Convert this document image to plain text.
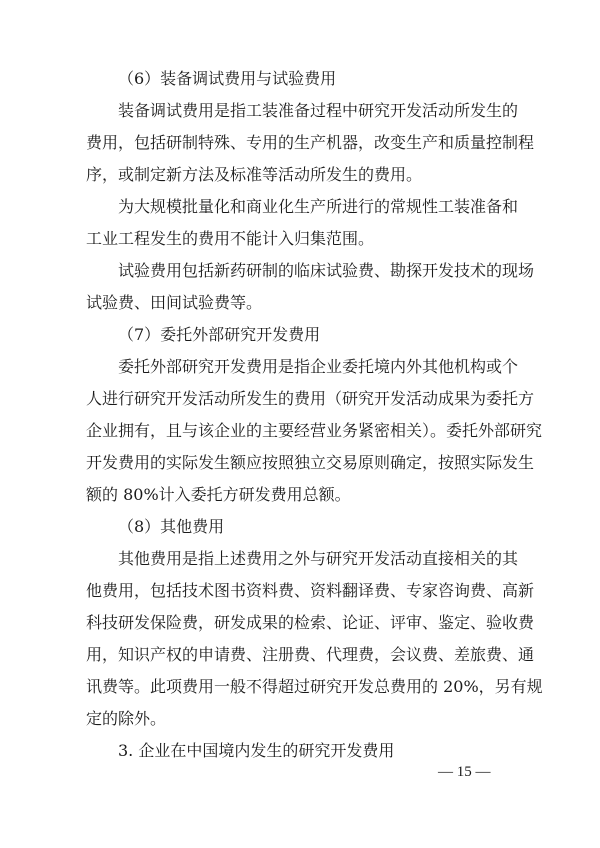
（6）装备调试费用与试验费用
装备调试费用是指工装准备过程中研究开发活动所发生的
费用，包括研制特殊、专用的生产机器，改变生产和质量控制程
序，或制定新方法及标准等活动所发生的费用。
为大规模批量化和商业化生产所进行的常规性工装准备和
工业工程发生的费用不能计入归集范围。
试验费用包括新药研制的临床试验费、勘探开发技术的现场
试验费、田间试验费等。
（7）委托外部研究开发费用
委托外部研究开发费用是指企业委托境内外其他机构或个
人进行研究开发活动所发生的费用（研究开发活动成果为委托方
企业拥有，且与该企业的主要经营业务紧密相关）。委托外部研究
开发费用的实际发生额应按照独立交易原则确定，按照实际发生
额的 80%计入委托方研发费用总额。
（8）其他费用
其他费用是指上述费用之外与研究开发活动直接相关的其
他费用，包括技术图书资料费、资料翻译费、专家咨询费、高新
科技研发保险费，研发成果的检索、论证、评审、鉴定、验收费
用，知识产权的申请费、注册费、代理费，会议费、差旅费、通
讯费等。此项费用一般不得超过研究开发总费用的 20%，另有规
定的除外。
3. 企业在中国境内发生的研究开发费用
— 15 —
